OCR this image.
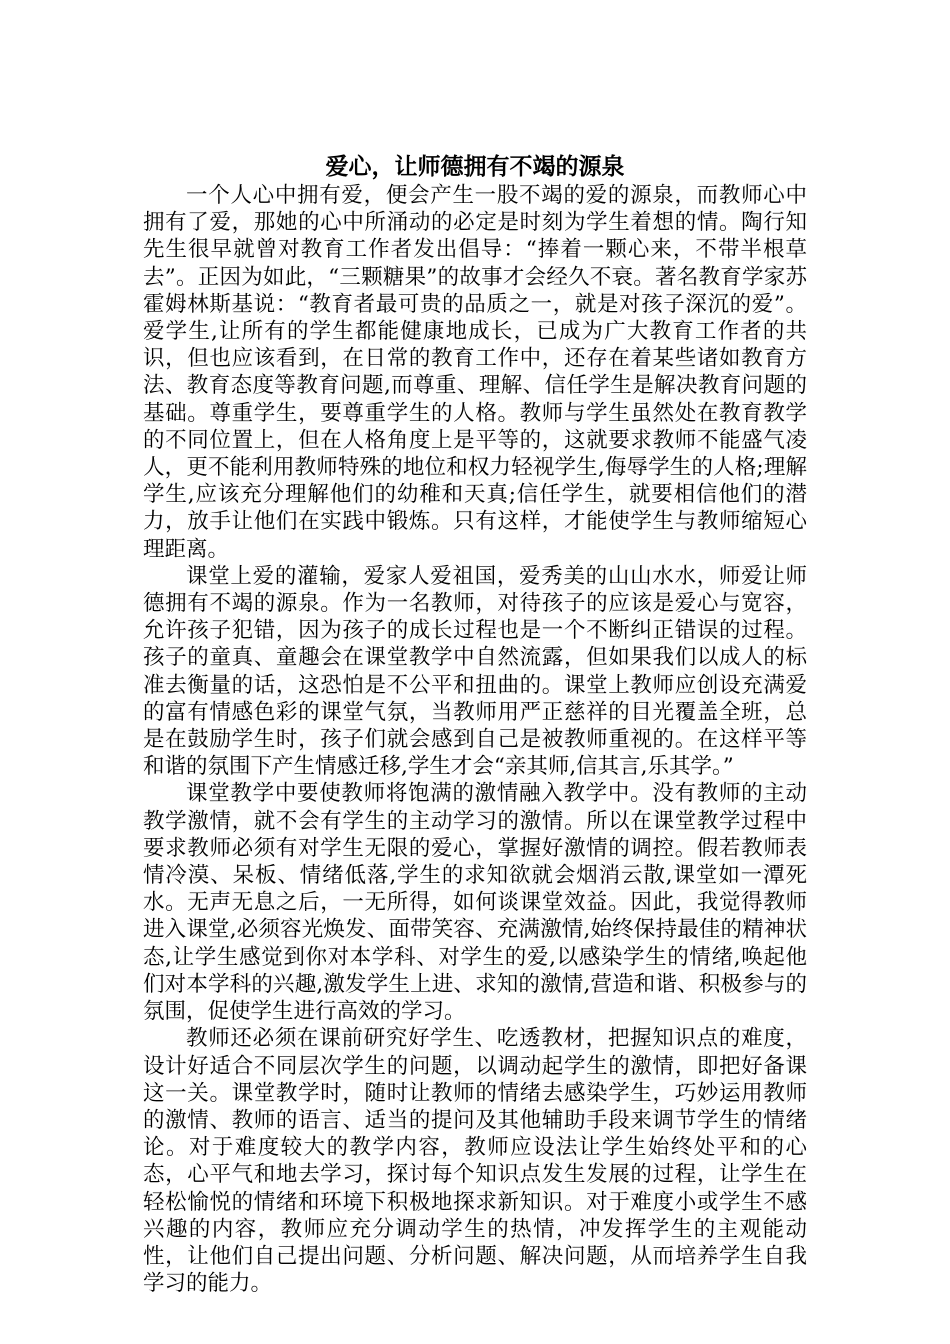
爱心，让师德拥有不竭的源泉

一个人心中拥有爱，便会产生一股不竭的爱的源泉，而教师心中拥有了爱，那她的心中所涌动的必定是时刻为学生着想的情。陶行知先生很早就曾对教育工作者发出倡导：“捧着一颗心来，不带半根草去”。正因为如此，“三颗糖果”的故事才会经久不衰。著名教育学家苏霍姆林斯基说：“教育者最可贵的品质之一，就是对孩子深沉的爱”。爱学生,让所有的学生都能健康地成长，已成为广大教育工作者的共识，但也应该看到，在日常的教育工作中，还存在着某些诸如教育方法、教育态度等教育问题,而尊重、理解、信任学生是解决教育问题的基础。尊重学生，要尊重学生的人格。教师与学生虽然处在教育教学的不同位置上，但在人格角度上是平等的，这就要求教师不能盛气凌人，更不能利用教师特殊的地位和权力轻视学生,侮辱学生的人格;理解学生,应该充分理解他们的幼稚和天真;信任学生，就要相信他们的潜力，放手让他们在实践中锻炼。只有这样，才能使学生与教师缩短心理距离。

课堂上爱的灌输，爱家人爱祖国，爱秀美的山山水水，师爱让师德拥有不竭的源泉。作为一名教师，对待孩子的应该是爱心与宽容，允许孩子犯错，因为孩子的成长过程也是一个不断纠正错误的过程。孩子的童真、童趣会在课堂教学中自然流露，但如果我们以成人的标准去衡量的话，这恐怕是不公平和扭曲的。课堂上教师应创设充满爱的富有情感色彩的课堂气氛，当教师用严正慈祥的目光覆盖全班，总是在鼓励学生时，孩子们就会感到自己是被教师重视的。在这样平等和谐的氛围下产生情感迁移,学生才会“亲其师,信其言,乐其学。”

课堂教学中要使教师将饱满的激情融入教学中。没有教师的主动教学激情，就不会有学生的主动学习的激情。所以在课堂教学过程中要求教师必须有对学生无限的爱心，掌握好激情的调控。假若教师表情冷漠、呆板、情绪低落,学生的求知欲就会烟消云散,课堂如一潭死水。无声无息之后，一无所得，如何谈课堂效益。因此，我觉得教师进入课堂,必须容光焕发、面带笑容、充满激情,始终保持最佳的精神状态,让学生感觉到你对本学科、对学生的爱,以感染学生的情绪,唤起他们对本学科的兴趣,激发学生上进、求知的激情,营造和谐、积极参与的氛围，促使学生进行高效的学习。

教师还必须在课前研究好学生、吃透教材，把握知识点的难度，设计好适合不同层次学生的问题，以调动起学生的激情，即把好备课这一关。课堂教学时，随时让教师的情绪去感染学生，巧妙运用教师的激情、教师的语言、适当的提问及其他辅助手段来调节学生的情绪论。对于难度较大的教学内容，教师应设法让学生始终处平和的心态，心平气和地去学习，探讨每个知识点发生发展的过程，让学生在轻松愉悦的情绪和环境下积极地探求新知识。对于难度小或学生不感兴趣的内容，教师应充分调动学生的热情，冲发挥学生的主观能动性，让他们自己提出问题、分析问题、解决问题，从而培养学生自我学习的能力。
